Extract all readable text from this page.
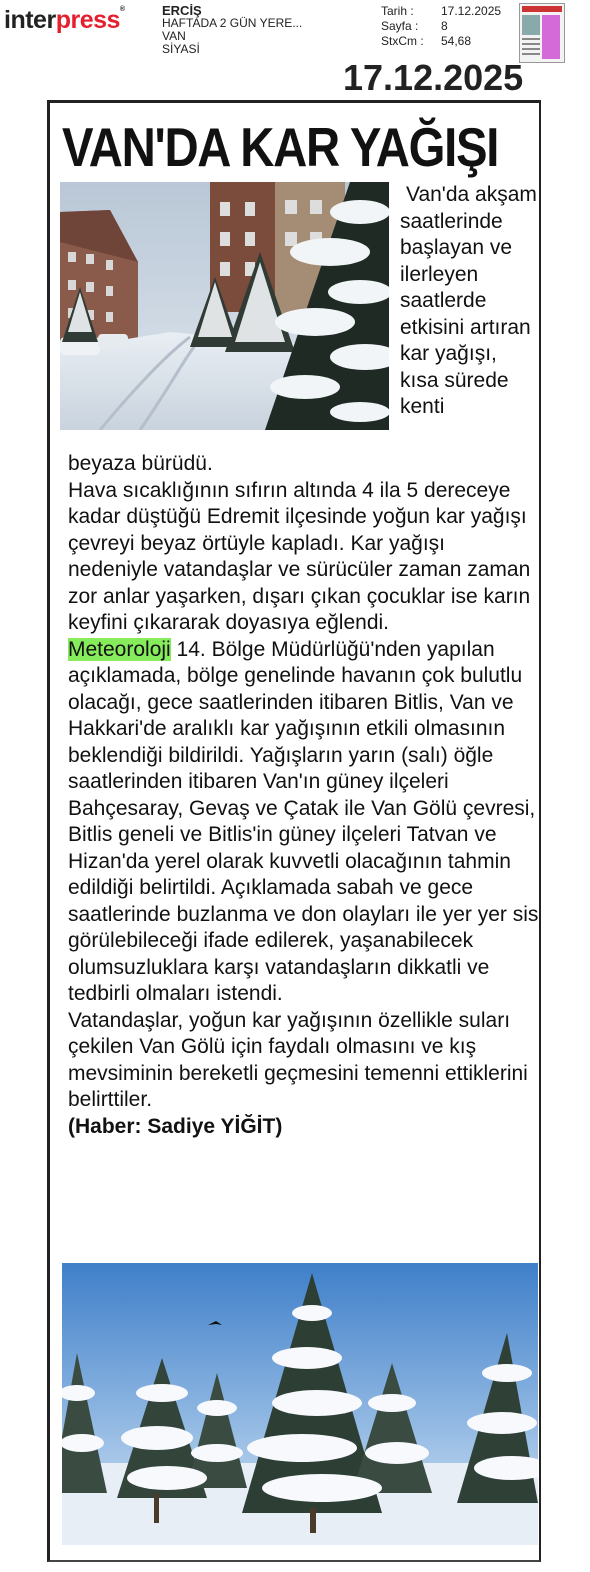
interpress®	ERCİŞ
HAFTADA 2 GÜN YERE...
VAN
SİYASİ
Tarih :	17.12.2025
Sayfa :	8
StxCm :	54,68
17.12.2025
VAN'DA KAR YAĞIŞI
Van'da akşam saatlerinde başlayan ve ilerleyen saatlerde etkisini artıran kar yağışı, kısa sürede kenti

beyaza bürüdü.

Hava sıcaklığının sıfırın altında 4 ila 5 dereceye kadar düştüğü Edremit ilçesinde yoğun kar yağışı çevreyi beyaz örtüyle kapladı. Kar yağışı nedeniyle vatandaşlar ve sürücüler zaman zaman zor anlar yaşarken, dışarı çıkan çocuklar ise karın keyfini çıkararak doyasıya eğlendi.

Meteoroloji 14. Bölge Müdürlüğü'nden yapılan açıklamada, bölge genelinde havanın çok bulutlu olacağı, gece saatlerinden itibaren Bitlis, Van ve Hakkari'de aralıklı kar yağışının etkili olmasının beklendiği bildirildi. Yağışların yarın (salı) öğle saatlerinden itibaren Van'ın güney ilçeleri Bahçesaray, Gevaş ve Çatak ile Van Gölü çevresi, Bitlis geneli ve Bitlis'in güney ilçeleri Tatvan ve Hizan'da yerel olarak kuvvetli olacağının tahmin edildiği belirtildi. Açıklamada sabah ve gece saatlerinde buzlanma ve don olayları ile yer yer sis görülebileceği ifade edilerek, yaşanabilecek olumsuzluklara karşı vatandaşların dikkatli ve tedbirli olmaları istendi.

Vatandaşlar, yoğun kar yağışının özellikle suları çekilen Van Gölü için faydalı olmasını ve kış mevsiminin bereketli geçmesini temenni ettiklerini belirttiler.

(Haber: Sadiye YİĞİT)
